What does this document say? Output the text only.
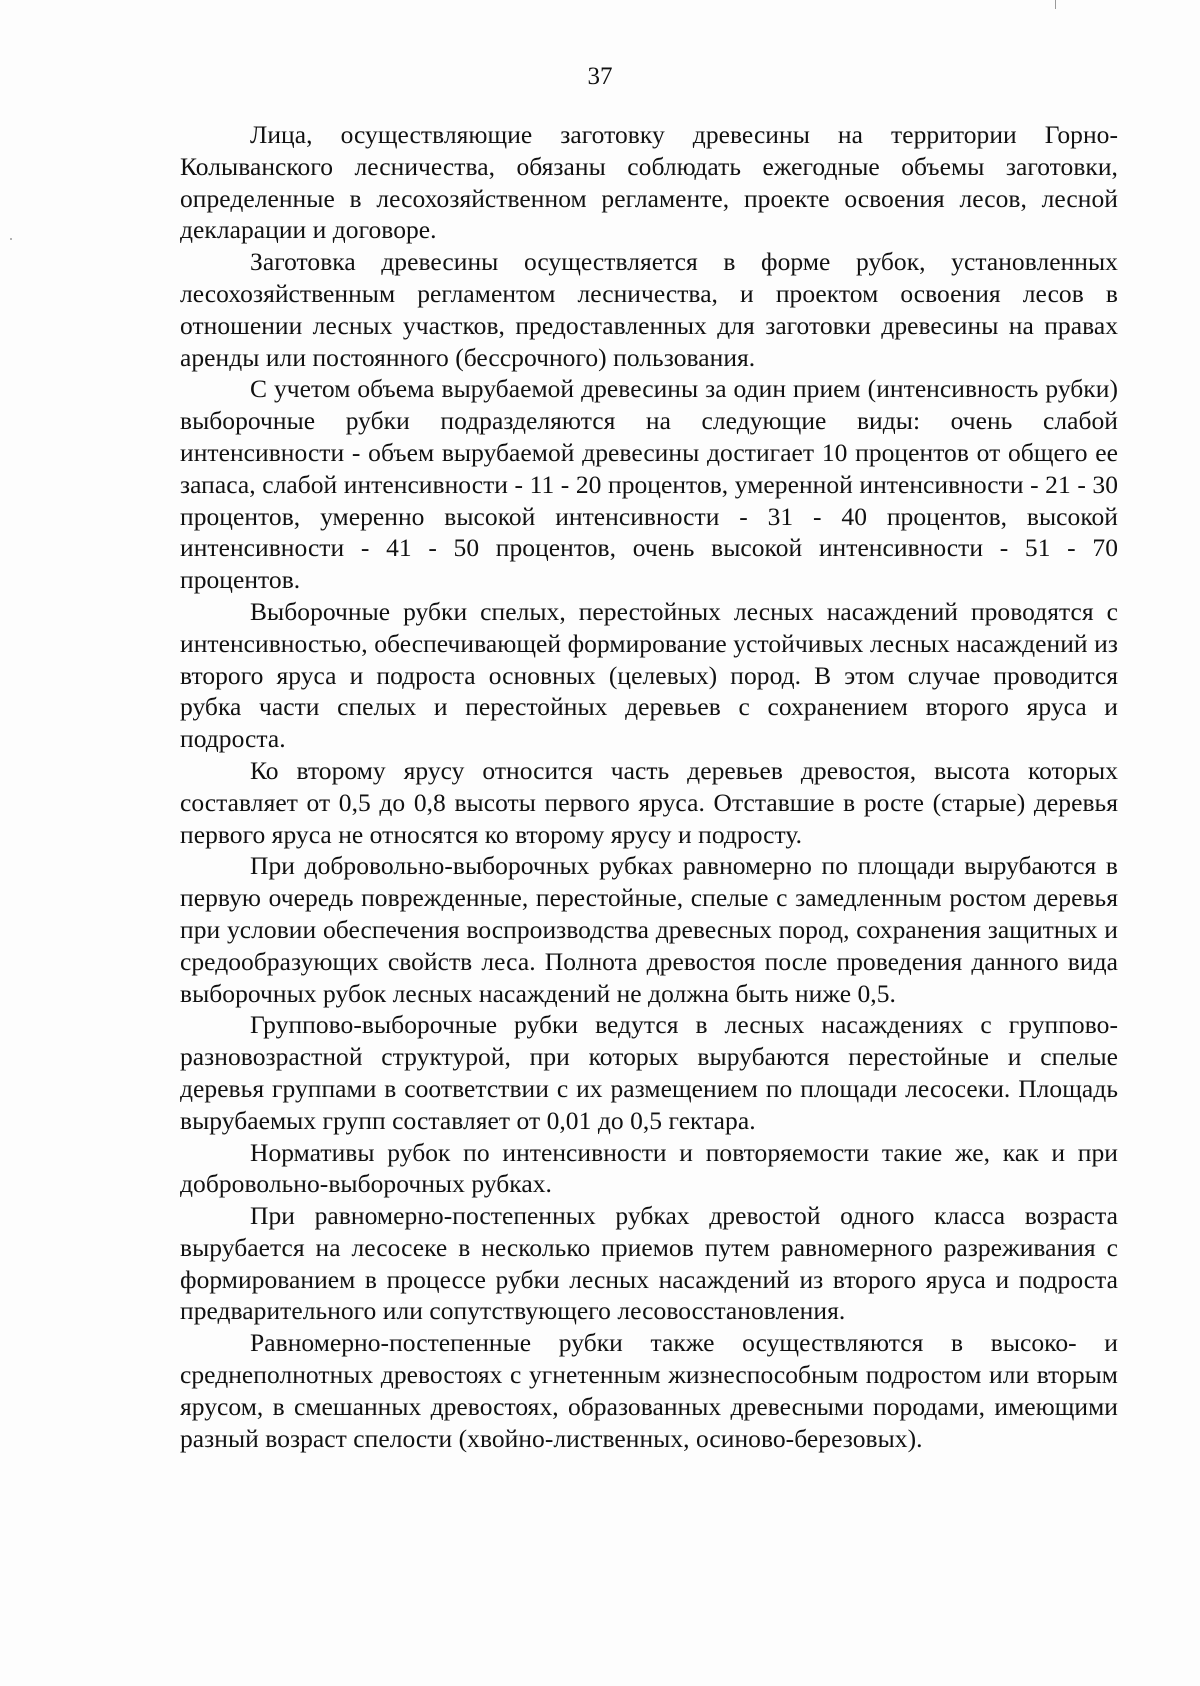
37

Лица, осуществляющие заготовку древесины на территории Горно-Колыванского лесничества, обязаны соблюдать ежегодные объемы заготовки, определенные в лесохозяйственном регламенте, проекте освоения лесов, лесной декларации и договоре.

Заготовка древесины осуществляется в форме рубок, установленных лесохозяйственным регламентом лесничества, и проектом освоения лесов в отношении лесных участков, предоставленных для заготовки древесины на правах аренды или постоянного (бессрочного) пользования.

С учетом объема вырубаемой древесины за один прием (интенсивность рубки) выборочные рубки подразделяются на следующие виды: очень слабой интенсивности - объем вырубаемой древесины достигает 10 процентов от общего ее запаса, слабой интенсивности - 11 - 20 процентов, умеренной интенсивности - 21 - 30 процентов, умеренно высокой интенсивности - 31 - 40 процентов, высокой интенсивности - 41 - 50 процентов, очень высокой интенсивности - 51 - 70 процентов.

Выборочные рубки спелых, перестойных лесных насаждений проводятся с интенсивностью, обеспечивающей формирование устойчивых лесных насаждений из второго яруса и подроста основных (целевых) пород. В этом случае проводится рубка части спелых и перестойных деревьев с сохранением второго яруса и подроста.

Ко второму ярусу относится часть деревьев древостоя, высота которых составляет от 0,5 до 0,8 высоты первого яруса. Отставшие в росте (старые) деревья первого яруса не относятся ко второму ярусу и подросту.

При добровольно-выборочных рубках равномерно по площади вырубаются в первую очередь поврежденные, перестойные, спелые с замедленным ростом деревья при условии обеспечения воспроизводства древесных пород, сохранения защитных и средообразующих свойств леса. Полнота древостоя после проведения данного вида выборочных рубок лесных насаждений не должна быть ниже 0,5.

Группово-выборочные рубки ведутся в лесных насаждениях с группово-разновозрастной структурой, при которых вырубаются перестойные и спелые деревья группами в соответствии с их размещением по площади лесосеки. Площадь вырубаемых групп составляет от 0,01 до 0,5 гектара.

Нормативы рубок по интенсивности и повторяемости такие же, как и при добровольно-выборочных рубках.

При равномерно-постепенных рубках древостой одного класса возраста вырубается на лесосеке в несколько приемов путем равномерного разреживания с формированием в процессе рубки лесных насаждений из второго яруса и подроста предварительного или сопутствующего лесовосстановления.

Равномерно-постепенные рубки также осуществляются в высоко- и среднеполнотных древостоях с угнетенным жизнеспособным подростом или вторым ярусом, в смешанных древостоях, образованных древесными породами, имеющими разный возраст спелости (хвойно-лиственных, осиново-березовых).
